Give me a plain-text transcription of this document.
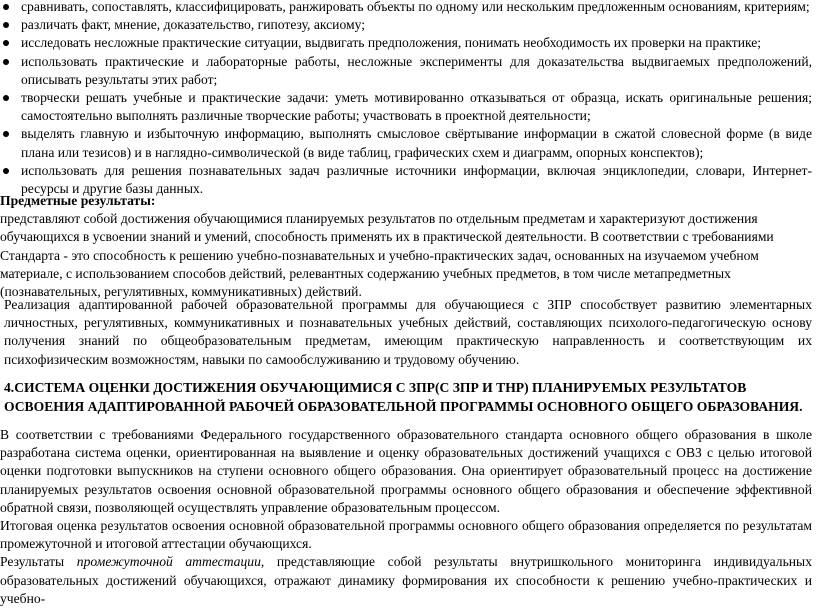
сравнивать, сопоставлять, классифицировать, ранжировать объекты по одному или нескольким предложенным основаниям, критериям;
различать факт, мнение, доказательство, гипотезу, аксиому;
исследовать несложные практические ситуации, выдвигать предположения, понимать необходимость их проверки на практике;
использовать практические и лабораторные работы, несложные эксперименты для доказательства выдвигаемых предположений, описывать результаты этих работ;
творчески решать учебные и практические задачи: уметь мотивированно отказываться от образца, искать оригинальные решения; самостоятельно выполнять различные творческие работы; участвовать в проектной деятельности;
выделять главную и избыточную информацию, выполнять смысловое свёртывание информации в сжатой словесной форме (в виде плана или тезисов) и в наглядно-символической (в виде таблиц, графических схем и диаграмм, опорных конспектов);
использовать для решения познавательных задач различные источники информации, включая энциклопедии, словари, Интернет-ресурсы и другие базы данных.

Предметные результаты:

представляют собой достижения обучающимися планируемых результатов по отдельным предметам и характеризуют достижения обучающихся в усвоении знаний и умений, способность применять их в практической деятельности. В соответствии с требованиями Стандарта - это способность к решению учебно-познавательных и учебно-практических задач, основанных на изучаемом учебном материале, с использованием способов действий, релевантных содержанию учебных предметов, в том числе метапредметных (познавательных, регулятивных, коммуникативных) действий.

Реализация адаптированной рабочей образовательной программы для обучающиеся с ЗПР способствует развитию элементарных личностных, регулятивных, коммуникативных и познавательных учебных действий, составляющих психолого-педагогическую основу получения знаний по общеобразовательным предметам, имеющим практическую направленность и соответствующим их психофизическим возможностям, навыки по самообслуживанию и трудовому обучению.

4.СИСТЕМА ОЦЕНКИ ДОСТИЖЕНИЯ ОБУЧАЮЩИМИСЯ С ЗПР(С ЗПР И ТНР) ПЛАНИРУЕМЫХ РЕЗУЛЬТАТОВ ОСВОЕНИЯ АДАПТИРОВАННОЙ РАБОЧЕЙ ОБРАЗОВАТЕЛЬНОЙ ПРОГРАММЫ ОСНОВНОГО ОБЩЕГО ОБРАЗОВАНИЯ.

В соответствии с требованиями Федерального государственного образовательного стандарта основного общего образования в школе разработана система оценки, ориентированная на выявление и оценку образовательных достижений учащихся с ОВЗ с целью итоговой оценки подготовки выпускников на ступени основного общего образования. Она ориентирует образовательный процесс на достижение планируемых результатов освоения основной образовательной программы основного общего образования и обеспечение эффективной обратной связи, позволяющей осуществлять управление образовательным процессом.

Итоговая оценка результатов освоения основной образовательной программы основного общего образования определяется по результатам промежуточной и итоговой аттестации обучающихся.

Результаты промежуточной аттестации, представляющие собой результаты внутришкольного мониторинга индивидуальных образовательных достижений обучающихся, отражают динамику формирования их способности к решению учебно-практических и учебно-
